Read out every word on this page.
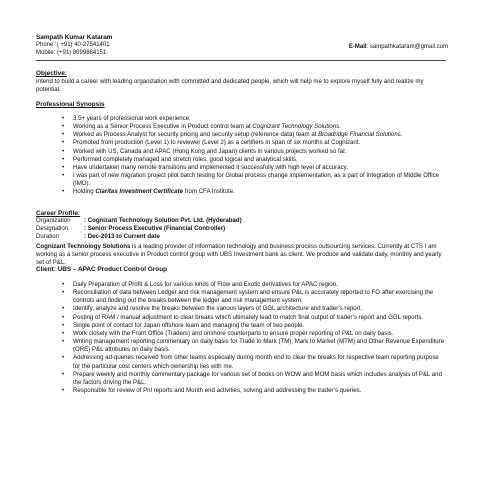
Sampath Kumar Kataram
Phone :( +91) 40-27541401
Mobile: (+91) 8099884151
E-Mail: sampathkataram@gmail.com
Objective:
Intend to build a career with leading organization with committed and dedicated people, which will help me to explore myself fully and realize my potential.
Professional Synopsis
• 3.5+ years of professional work experience.
• Working as a Senior Process Executive in Product control team at Cognizant Technology Solutions.
• Worked as Process Analyst for security pricing and security setup (reference data) team at Broadridge Financial Solutions.
• Promoted from production (Level 1) to reviewer (Level 2) as a certifiers in span of six months at Cognizant.
• Worked with US, Canada and APAC (Hong Kong and Japan) clients in various projects worked so far.
• Performed completely managed and stretch roles, good logical and analytical skills.
• Have undertaken many remote transitions and implemented it successfully with high level of accuracy.
• I was part of new migration project pilot batch testing for Global process change implementation, as a part of Integration of Middle Office (IMO).
• Holding Claritas Investment Certificate from CFA Institute.
Career Profile:
Organization	: Cognizant Technology Solution Pvt. Ltd. (Hyderabad)
Designation	: Senior Process Executive (Financial Controller)
Duration	: Dec-2013 to Current date
Cognizant Technology Solutions is a leading provider of information technology and business process outsourcing services. Currently at CTS I am working as a senior process executive in Product control group with UBS Investment bank as client. We produce and validate daily, monthly and yearly set of P&L.
Client: UBS – APAC Product Control Group
• Daily Preparation of Profit & Loss for various kinds of Flow and Exotic derivatives for APAC region.
• Reconciliation of data between Ledger and risk management system and ensure P&L is accurately reported to FO after exercising the controls and finding out the breaks between the ledger and risk management system.
• Identify, analyze and resolve the breaks between the various layers of GGL architecture and trader’s report.
• Posting of RAM / manual adjustment to clear breaks which ultimately lead to match final output of trader’s report and GGL reports.
• Single point of contact for Japan offshore team and managing the team of two people.
• Work closely with the Front Office (Traders) and onshore counterparts to ensure proper reporting of P&L on daily basis.
• Writing management reporting commentary on daily basis for Trade to Mark (TM), Mark to Market (MTM) and Other Revenue Expenditure (ORE) P&L attributes on daily basis.
• Addressing ad-queries received from other teams especially during month end to clear the breaks for respective team reporting purpose for the particular cost centers which ownership lies with me.
• Prepare weekly and monthly commentary package for various set of books on WOW and MOM basis which includes analysis of P&L and the factors driving the P&L.
• Responsible for review of Pnl reports and Month end activities, solving and addressing the trader’s queries.
